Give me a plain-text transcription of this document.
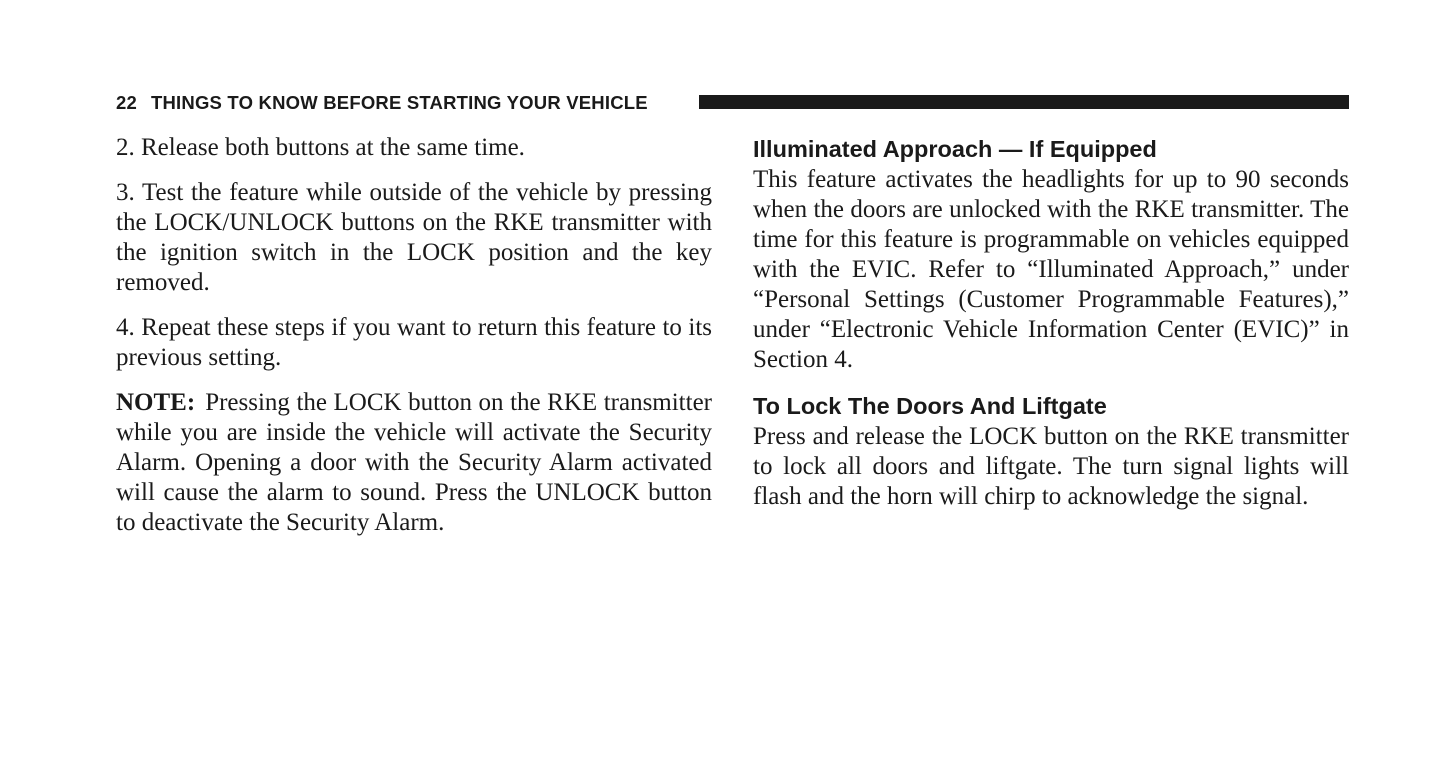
22 THINGS TO KNOW BEFORE STARTING YOUR VEHICLE

2. Release both buttons at the same time.

3. Test the feature while outside of the vehicle by pressing the LOCK/UNLOCK buttons on the RKE transmitter with the ignition switch in the LOCK position and the key removed.

4. Repeat these steps if you want to return this feature to its previous setting.

NOTE: Pressing the LOCK button on the RKE transmitter while you are inside the vehicle will activate the Security Alarm. Opening a door with the Security Alarm activated will cause the alarm to sound. Press the UNLOCK button to deactivate the Security Alarm.

Illuminated Approach — If Equipped

This feature activates the headlights for up to 90 seconds when the doors are unlocked with the RKE transmitter. The time for this feature is programmable on vehicles equipped with the EVIC. Refer to “Illuminated Approach,” under “Personal Settings (Customer Programmable Features),” under “Electronic Vehicle Information Center (EVIC)” in Section 4.

To Lock The Doors And Liftgate

Press and release the LOCK button on the RKE transmitter to lock all doors and liftgate. The turn signal lights will flash and the horn will chirp to acknowledge the signal.
